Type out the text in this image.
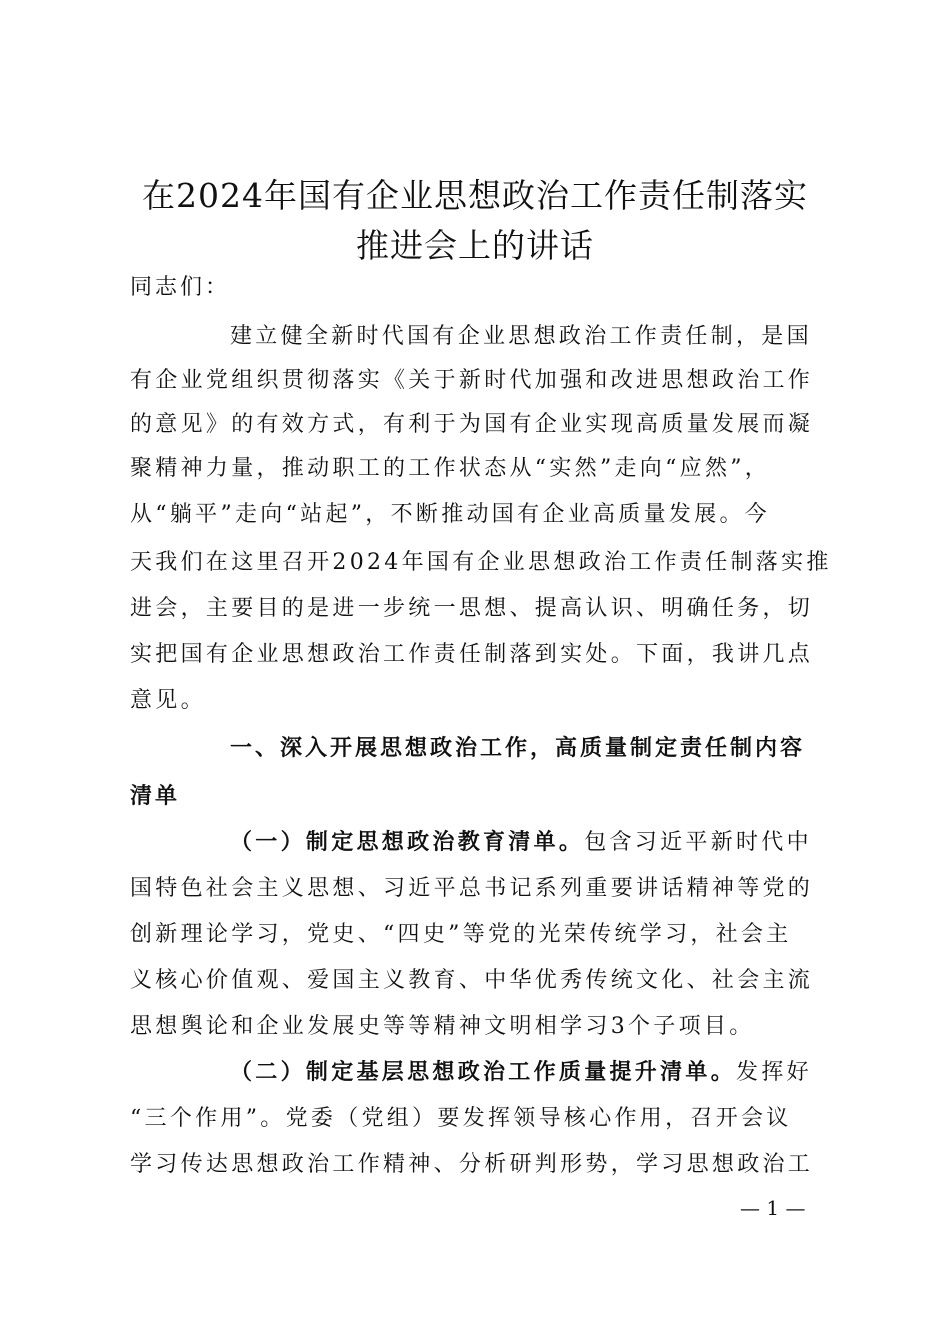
在2024年国有企业思想政治工作责任制落实
推进会上的讲话
同志们：
建立健全新时代国有企业思想政治工作责任制，是国
有企业党组织贯彻落实《关于新时代加强和改进思想政治工作
的意见》的有效方式，有利于为国有企业实现高质量发展而凝
聚精神力量，推动职工的工作状态从“实然”走向“应然”，
从“躺平”走向“站起”，不断推动国有企业高质量发展。今
天我们在这里召开2024年国有企业思想政治工作责任制落实推
进会，主要目的是进一步统一思想、提高认识、明确任务，切
实把国有企业思想政治工作责任制落到实处。下面，我讲几点
意见。
一、深入开展思想政治工作，高质量制定责任制内容
清单
（一）制定思想政治教育清单。包含习近平新时代中
国特色社会主义思想、习近平总书记系列重要讲话精神等党的
创新理论学习，党史、“四史”等党的光荣传统学习，社会主
义核心价值观、爱国主义教育、中华优秀传统文化、社会主流
思想舆论和企业发展史等等精神文明相学习3个子项目。
（二）制定基层思想政治工作质量提升清单。发挥好
“三个作用”。党委（党组）要发挥领导核心作用，召开会议
学习传达思想政治工作精神、分析研判形势，学习思想政治工
— 1 —
